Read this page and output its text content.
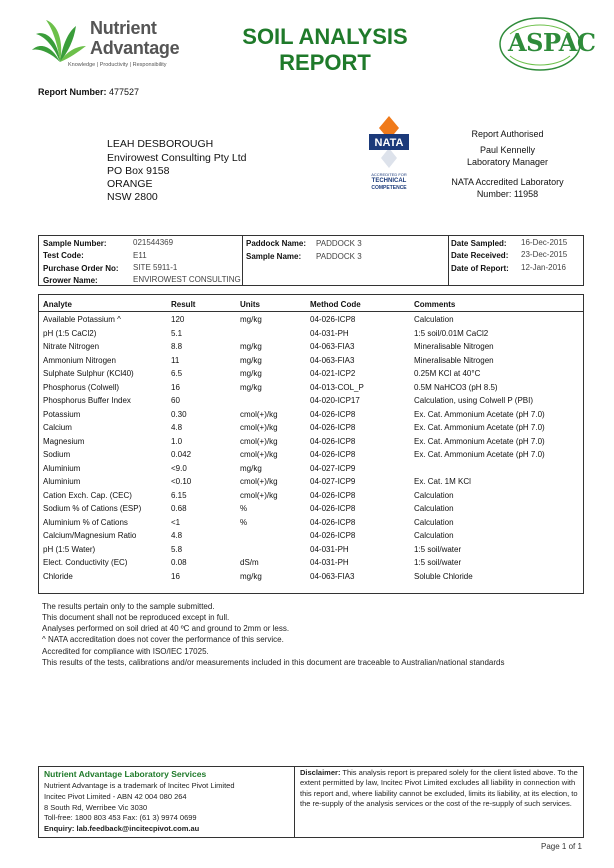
Nutrient
Advantage
Knowledge | Productivity | Responsibility
SOIL ANALYSIS
REPORT
ASPAC
Report Number: 477527
LEAH DESBOROUGH
Envirowest Consulting Pty Ltd
PO Box 9158
ORANGE
NSW 2800
NATA
ACCREDITED FOR
TECHNICAL
COMPETENCE
Report Authorised
Paul Kennelly
Laboratory Manager
NATA Accredited Laboratory
Number: 11958
Sample Number:	021544369
Test Code:	E11
Purchase Order No: SITE 5911-1
Grower Name:	ENVIROWEST CONSULTING
Paddock Name: PADDOCK 3
Sample Name: PADDOCK 3
Date Sampled: 16-Dec-2015
Date Received: 23-Dec-2015
Date of Report: 12-Jan-2016
Analyte	Result	Units	Method Code	Comments
Available Potassium ^	120	mg/kg	04-026-ICP8	Calculation
pH (1:5 CaCl2)	5.1	04-031-PH	1:5 soil/0.01M CaCl2
Nitrate Nitrogen	8.8	mg/kg	04-063-FIA3	Mineralisable Nitrogen
Ammonium Nitrogen	11	mg/kg	04-063-FIA3	Mineralisable Nitrogen
Sulphate Sulphur (KCl40)	6.5	mg/kg	04-021-ICP2	0.25M KCl at 40°C
Phosphorus (Colwell)	16	mg/kg	04-013-COL_P	0.5M NaHCO3 (pH 8.5)
Phosphorus Buffer Index	60	04-020-ICP17	Calculation, using Colwell P (PBI)
Potassium	0.30	cmol(+)/kg	04-026-ICP8	Ex. Cat. Ammonium Acetate (pH 7.0)
Calcium	4.8	cmol(+)/kg	04-026-ICP8	Ex. Cat. Ammonium Acetate (pH 7.0)
Magnesium	1.0	cmol(+)/kg	04-026-ICP8	Ex. Cat. Ammonium Acetate (pH 7.0)
Sodium	0.042	cmol(+)/kg	04-026-ICP8	Ex. Cat. Ammonium Acetate (pH 7.0)
Aluminium	<9.0	mg/kg	04-027-ICP9
Aluminium	<0.10	cmol(+)/kg	04-027-ICP9	Ex. Cat. 1M KCl
Cation Exch. Cap. (CEC)	6.15	cmol(+)/kg	04-026-ICP8	Calculation
Sodium % of Cations (ESP)	0.68	%	04-026-ICP8	Calculation
Aluminium % of Cations	<1	%	04-026-ICP8	Calculation
Calcium/Magnesium Ratio	4.8	04-026-ICP8	Calculation
pH (1:5 Water)	5.8	04-031-PH	1:5 soil/water
Elect. Conductivity (EC)	0.08	dS/m	04-031-PH	1:5 soil/water
Chloride	16	mg/kg	04-063-FIA3	Soluble Chloride
The results pertain only to the sample submitted.
This document shall not be reproduced except in full.
Analyses performed on soil dried at 40 ºC and ground to 2mm or less.
^ NATA accreditation does not cover the performance of this service.
Accredited for compliance with ISO/IEC 17025.
This results of the tests, calibrations and/or measurements included in this document are traceable to Australian/national standards
Nutrient Advantage Laboratory Services
Nutrient Advantage is a trademark of Incitec Pivot Limited
Incitec Pivot Limited - ABN 42 004 080 264
8 South Rd, Werribee Vic 3030
Toll-free: 1800 803 453 Fax: (61 3) 9974 0699
Enquiry: lab.feedback@incitecpivot.com.au
Disclaimer: This analysis report is prepared solely for the client listed above. To the extent permitted by law, Incitec Pivot Limited excludes all liability in connection with this report and, where liability cannot be excluded, limits its liability, at its election, to the re-supply of the analysis services or the cost of the re-supply of such services.
Page 1 of 1
